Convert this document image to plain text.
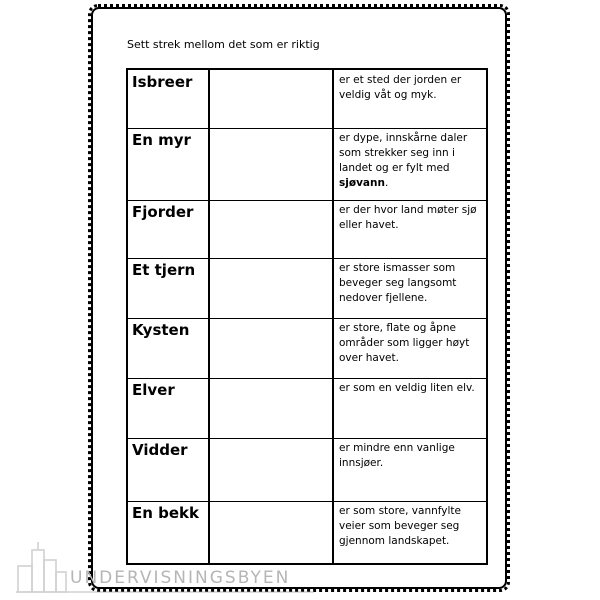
Sett strek mellom det som er riktig
Isbreer	er et sted der jorden er veldig våt og myk.
En myr	er dype, innskårne daler som strekker seg inn i landet og er fylt med sjøvann.
Fjorder	er der hvor land møter sjø eller havet.
Et tjern	er store ismasser som beveger seg langsomt nedover fjellene.
Kysten	er store, flate og åpne områder som ligger høyt over havet.
Elver	er som en veldig liten elv.
Vidder	er mindre enn vanlige innsjøer.
En bekk	er som store, vannfylte veier som beveger seg gjennom landskapet.
UNDERVISNINGSBYEN
